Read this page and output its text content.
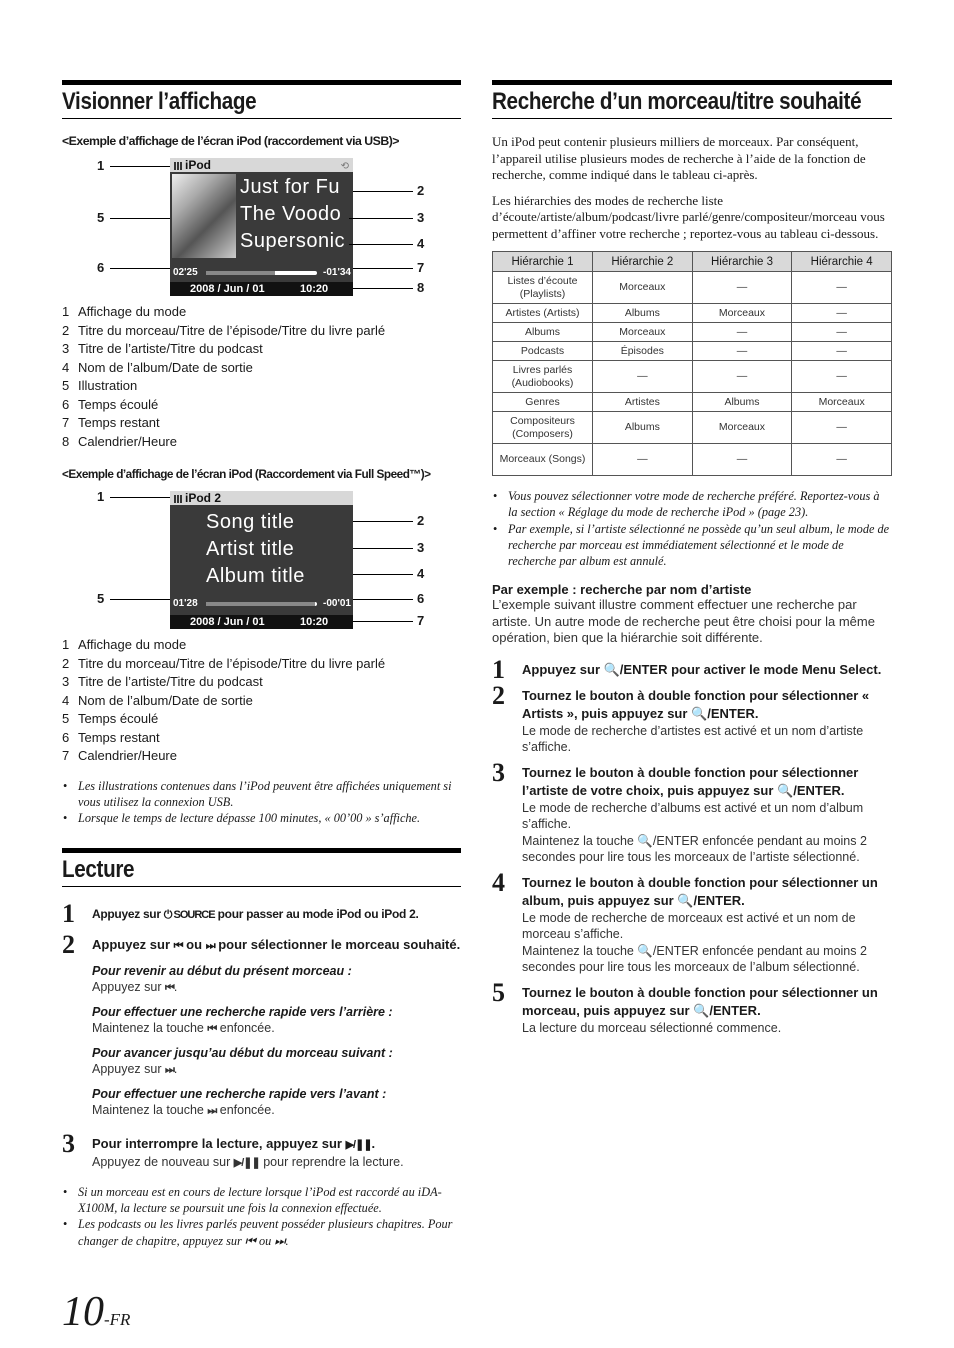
Visionner l’affichage
<Exemple d’affichage de l’écran iPod (raccordement via USB)>
iPod	⟲
Just for Fu
The Voodo
Supersonic
02'25	-01'34
2008 / Jun / 01	10:20
1
5
6
2
3
4
7
8
1 Affichage du mode
2 Titre du morceau/Titre de l’épisode/Titre du livre parlé
3 Titre de l’artiste/Titre du podcast
4 Nom de l’album/Date de sortie
5 Illustration
6 Temps écoulé
7 Temps restant
8 Calendrier/Heure
<Exemple d’affichage de l’écran iPod (Raccordement via Full Speed™)>
iPod 2
Song title
Artist title
Album title
01'28	-00'01
2008 / Jun / 01	10:20
1
5
2
3
4
6
7
1 Affichage du mode
2 Titre du morceau/Titre de l’épisode/Titre du livre parlé
3 Titre de l’artiste/Titre du podcast
4 Nom de l’album/Date de sortie
5 Temps écoulé
6 Temps restant
7 Calendrier/Heure
• Les illustrations contenues dans l’iPod peuvent être affichées uniquement si vous utilisez la connexion USB.
• Lorsque le temps de lecture dépasse 100 minutes, « 00’00 » s’affiche.
Lecture
1 Appuyez sur ⏻ SOURCE pour passer au mode iPod ou iPod 2.
2 Appuyez sur ⏮ ou ⏭ pour sélectionner le morceau souhaité.
Pour revenir au début du présent morceau :
Appuyez sur ⏮.
Pour effectuer une recherche rapide vers l’arrière :
Maintenez la touche ⏮ enfoncée.
Pour avancer jusqu’au début du morceau suivant :
Appuyez sur ⏭.
Pour effectuer une recherche rapide vers l’avant :
Maintenez la touche ⏭ enfoncée.
3 Pour interrompre la lecture, appuyez sur ▶/❚❚.
Appuyez de nouveau sur ▶/❚❚ pour reprendre la lecture.
• Si un morceau est en cours de lecture lorsque l’iPod est raccordé au iDA-X100M, la lecture se poursuit une fois la connexion effectuée.
• Les podcasts ou les livres parlés peuvent posséder plusieurs chapitres. Pour changer de chapitre, appuyez sur ⏮ ou ⏭.
Recherche d’un morceau/titre souhaité

Un iPod peut contenir plusieurs milliers de morceaux. Par conséquent, l’appareil utilise plusieurs modes de recherche à l’aide de la fonction de recherche, comme indiqué dans le tableau ci-après.

Les hiérarchies des modes de recherche liste d’écoute/artiste/album/podcast/livre parlé/genre/compositeur/morceau vous permettent d’affiner votre recherche ; reportez-vous au tableau ci-dessous.

Hiérarchie 1	Hiérarchie 2	Hiérarchie 3	Hiérarchie 4
Listes d’écoute (Playlists)	Morceaux	—	—
Artistes (Artists)	Albums	Morceaux	—
Albums	Morceaux	—	—
Podcasts	Épisodes	—	—
Livres parlés (Audiobooks)	—	—	—
Genres	Artistes	Albums	Morceaux
Compositeurs (Composers)	Albums	Morceaux	—
Morceaux (Songs)	—	—	—
• Vous pouvez sélectionner votre mode de recherche préféré. Reportez-vous à la section « Réglage du mode de recherche iPod » (page 23).
• Par exemple, si l’artiste sélectionné ne possède qu’un seul album, le mode de recherche par morceau est immédiatement sélectionné et le mode de recherche par album est annulé.
Par exemple : recherche par nom d’artiste

L’exemple suivant illustre comment effectuer une recherche par artiste. Un autre mode de recherche peut être choisi pour la même opération, bien que la hiérarchie soit différente.

1 Appuyez sur 🔍/ENTER pour activer le mode Menu Select.
2 Tournez le bouton à double fonction pour sélectionner « Artists », puis appuyez sur 🔍/ENTER.
Le mode de recherche d’artistes est activé et un nom d’artiste s’affiche.
3 Tournez le bouton à double fonction pour sélectionner l’artiste de votre choix, puis appuyez sur 🔍/ENTER.
Le mode de recherche d’albums est activé et un nom d’album s’affiche.
Maintenez la touche 🔍/ENTER enfoncée pendant au moins 2 secondes pour lire tous les morceaux de l’artiste sélectionné.
4 Tournez le bouton à double fonction pour sélectionner un album, puis appuyez sur 🔍/ENTER.
Le mode de recherche de morceaux est activé et un nom de morceau s’affiche.
Maintenez la touche 🔍/ENTER enfoncée pendant au moins 2 secondes pour lire tous les morceaux de l’album sélectionné.
5 Tournez le bouton à double fonction pour sélectionner un morceau, puis appuyez sur 🔍/ENTER.
La lecture du morceau sélectionné commence.
10-FR
